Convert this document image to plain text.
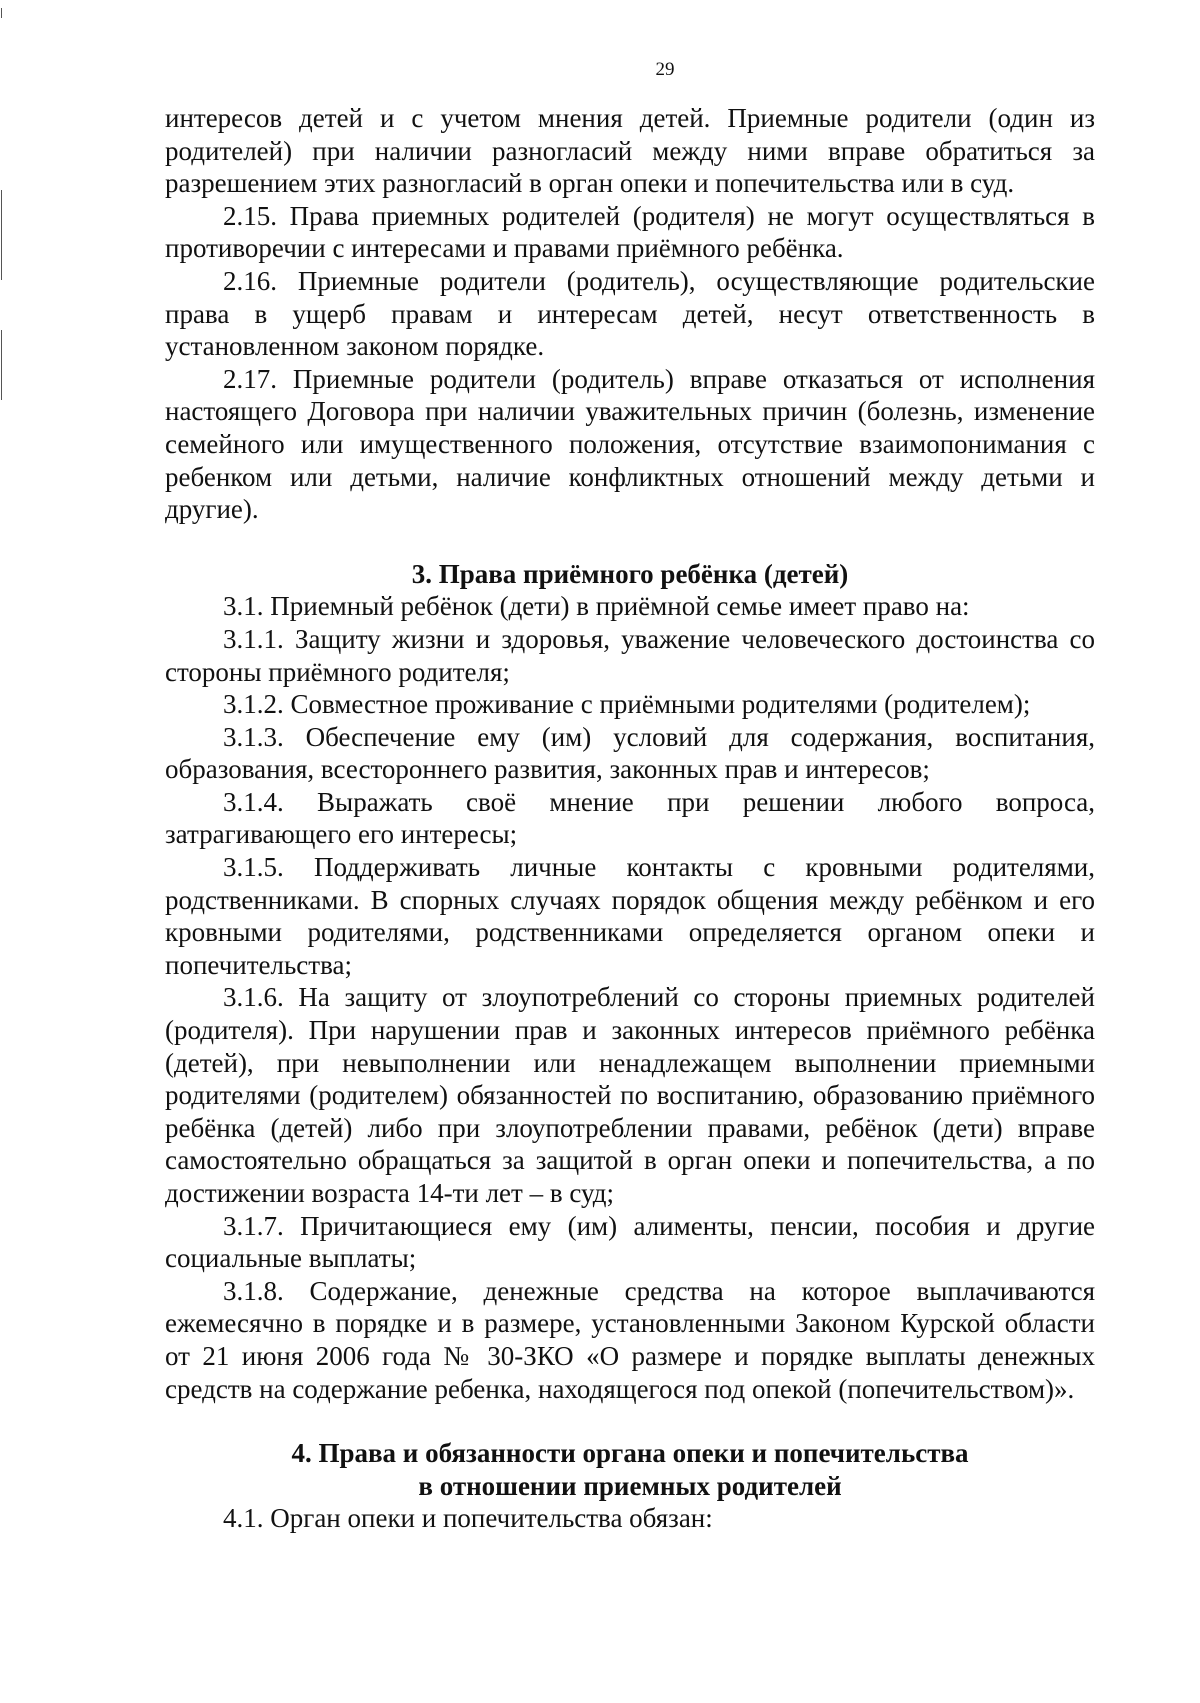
29

интересов детей и с учетом мнения детей. Приемные родители (один из родителей) при наличии разногласий между ними вправе обратиться за разрешением этих разногласий в орган опеки и попечительства или в суд.

2.15. Права приемных родителей (родителя) не могут осуществляться в противоречии с интересами и правами приёмного ребёнка.

2.16. Приемные родители (родитель), осуществляющие родительские права в ущерб правам и интересам детей, несут ответственность в установленном законом порядке.

2.17. Приемные родители (родитель) вправе отказаться от исполнения настоящего Договора при наличии уважительных причин (болезнь, изменение семейного или имущественного положения, отсутствие взаимопонимания с ребенком или детьми, наличие конфликтных отношений между детьми и другие).

3. Права приёмного ребёнка (детей)

3.1. Приемный ребёнок (дети) в приёмной семье имеет право на:

3.1.1. Защиту жизни и здоровья, уважение человеческого достоинства со стороны приёмного родителя;

3.1.2. Совместное проживание с приёмными родителями (родителем);

3.1.3. Обеспечение ему (им) условий для содержания, воспитания, образования, всестороннего развития, законных прав и интересов;

3.1.4. Выражать своё мнение при решении любого вопроса, затрагивающего его интересы;

3.1.5. Поддерживать личные контакты с кровными родителями, родственниками. В спорных случаях порядок общения между ребёнком и его кровными родителями, родственниками определяется органом опеки и попечительства;

3.1.6. На защиту от злоупотреблений со стороны приемных родителей (родителя). При нарушении прав и законных интересов приёмного ребёнка (детей), при невыполнении или ненадлежащем выполнении приемными родителями (родителем) обязанностей по воспитанию, образованию приёмного ребёнка (детей) либо при злоупотреблении правами, ребёнок (дети) вправе самостоятельно обращаться за защитой в орган опеки и попечительства, а по достижении возраста 14-ти лет – в суд;

3.1.7. Причитающиеся ему (им) алименты, пенсии, пособия и другие социальные выплаты;

3.1.8. Содержание, денежные средства на которое выплачиваются ежемесячно в порядке и в размере, установленными Законом Курской области от 21 июня 2006 года № 30-ЗКО «О размере и порядке выплаты денежных средств на содержание ребенка, находящегося под опекой (попечительством)».

4. Права и обязанности органа опеки и попечительства
в отношении приемных родителей

4.1. Орган опеки и попечительства обязан:
